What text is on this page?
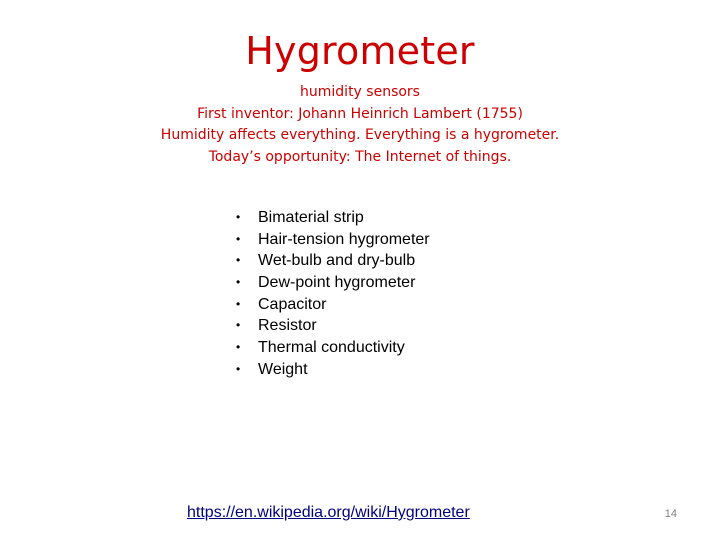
Hygrometer
humidity sensors
First inventor: Johann Heinrich Lambert (1755)
Humidity affects everything. Everything is a hygrometer.
Today’s opportunity: The Internet of things.
• Bimaterial strip
• Hair-tension hygrometer
• Wet-bulb and dry-bulb
• Dew-point hygrometer
• Capacitor
• Resistor
• Thermal conductivity
• Weight
https://en.wikipedia.org/wiki/Hygrometer	14
